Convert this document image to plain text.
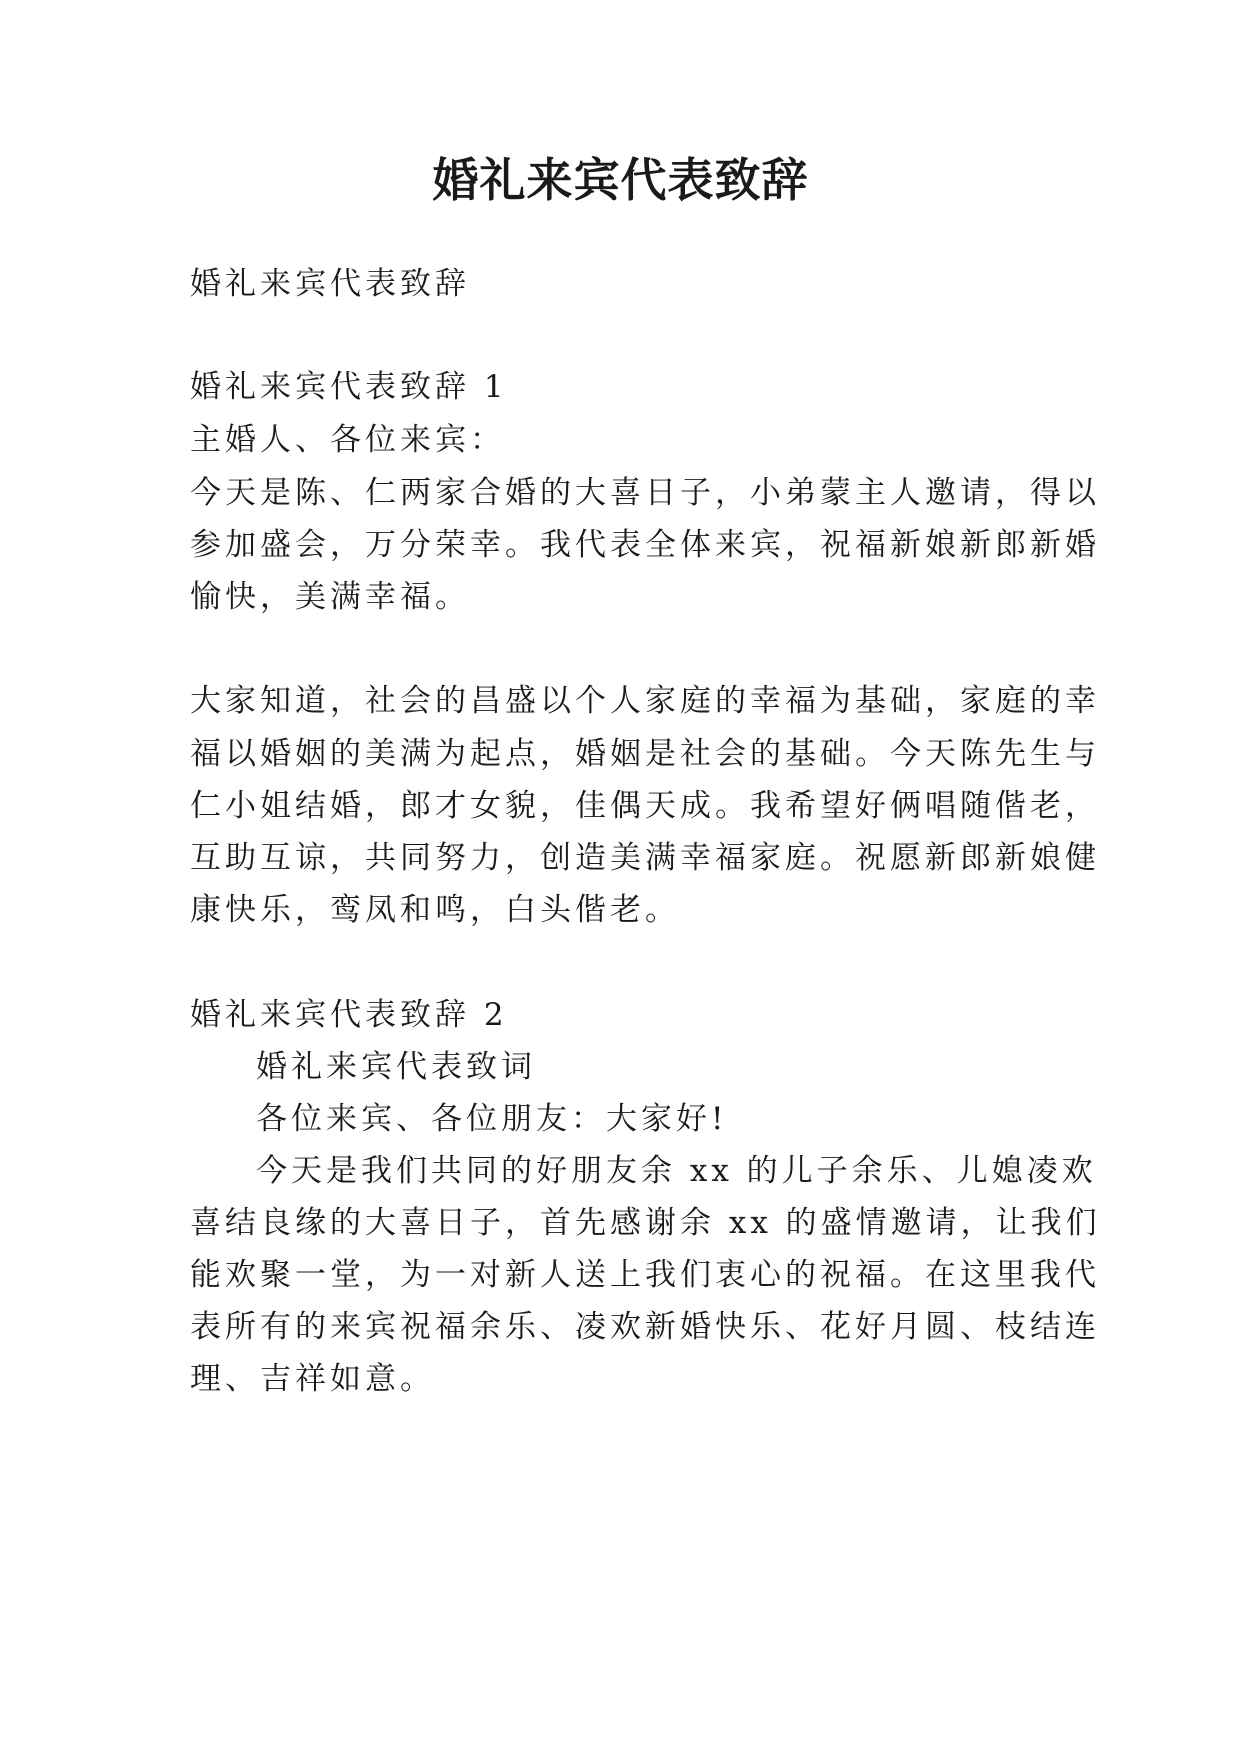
婚礼来宾代表致辞
婚礼来宾代表致辞
婚礼来宾代表致辞 1
主婚人、各位来宾：
今天是陈、仁两家合婚的大喜日子，小弟蒙主人邀请，得以
参加盛会，万分荣幸。我代表全体来宾，祝福新娘新郎新婚
愉快，美满幸福。
大家知道，社会的昌盛以个人家庭的幸福为基础，家庭的幸
福以婚姻的美满为起点，婚姻是社会的基础。今天陈先生与
仁小姐结婚，郎才女貌，佳偶天成。我希望好俩唱随偕老，
互助互谅，共同努力，创造美满幸福家庭。祝愿新郎新娘健
康快乐，鸾凤和鸣，白头偕老。
婚礼来宾代表致辞 2
婚礼来宾代表致词
各位来宾、各位朋友：大家好!
今天是我们共同的好朋友余 xx 的儿子余乐、儿媳凌欢
喜结良缘的大喜日子，首先感谢余 xx 的盛情邀请，让我们
能欢聚一堂，为一对新人送上我们衷心的祝福。在这里我代
表所有的来宾祝福余乐、凌欢新婚快乐、花好月圆、枝结连
理、吉祥如意。
